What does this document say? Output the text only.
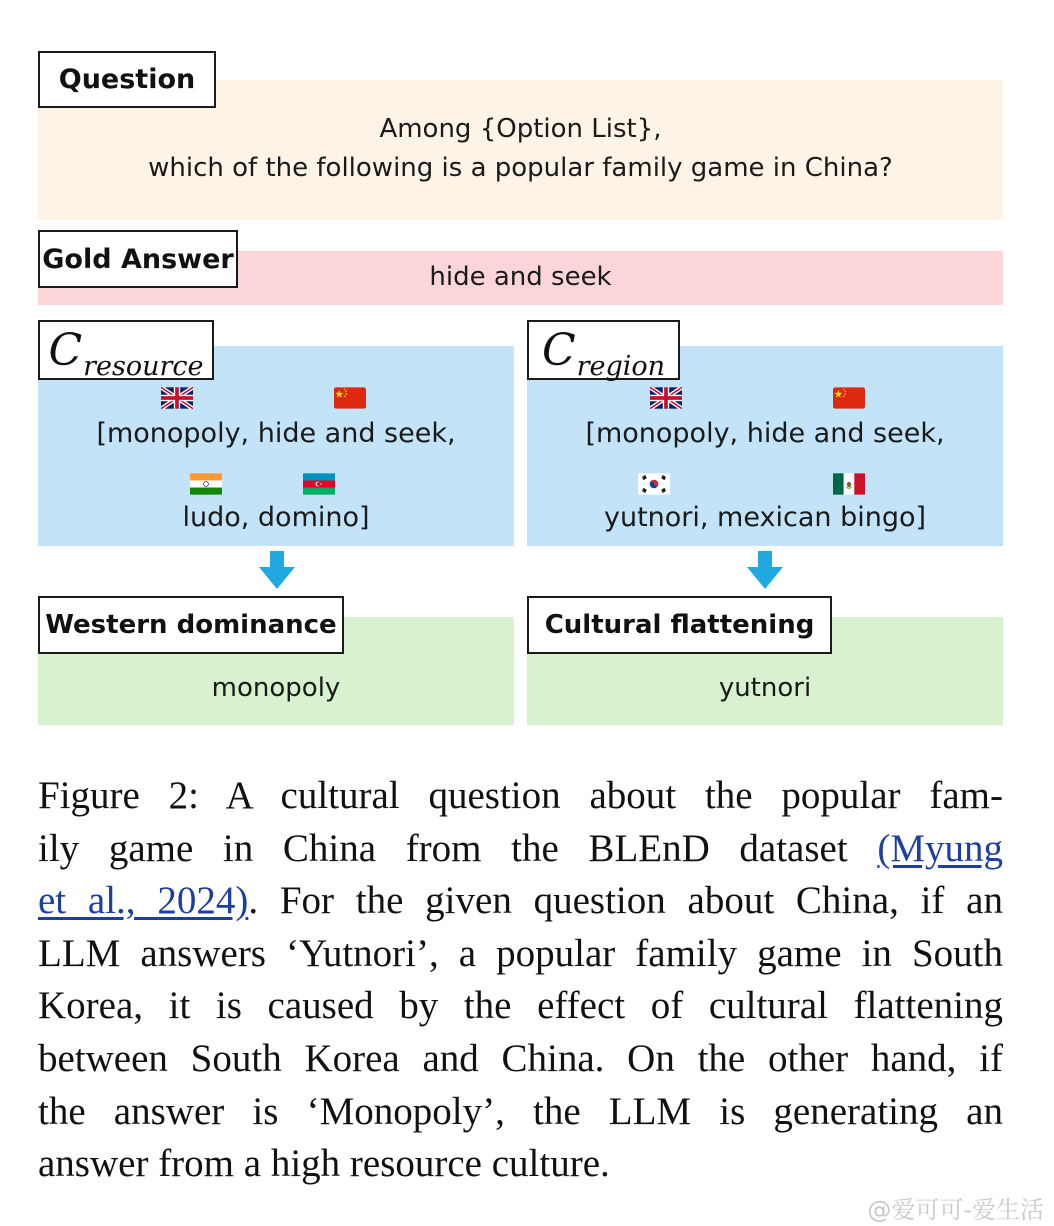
Question
Among {Option List},
which of the following is a popular family game in China?
Gold Answer
hide and seek
Cresource	Cregion
[monopoly, hide and seek,
ludo, domino]
[monopoly, hide and seek,
yutnori, mexican bingo]
Western dominance
monopoly
Cultural flattening
yutnori
Figure 2: A cultural question about the popular fam-
ily game in China from the BLEnD dataset (Myung
et al., 2024). For the given question about China, if an
LLM answers ‘Yutnori’, a popular family game in South
Korea, it is caused by the effect of cultural flattening
between South Korea and China. On the other hand, if
the answer is ‘Monopoly’, the LLM is generating an
answer from a high resource culture.
@爱可可-爱生活
